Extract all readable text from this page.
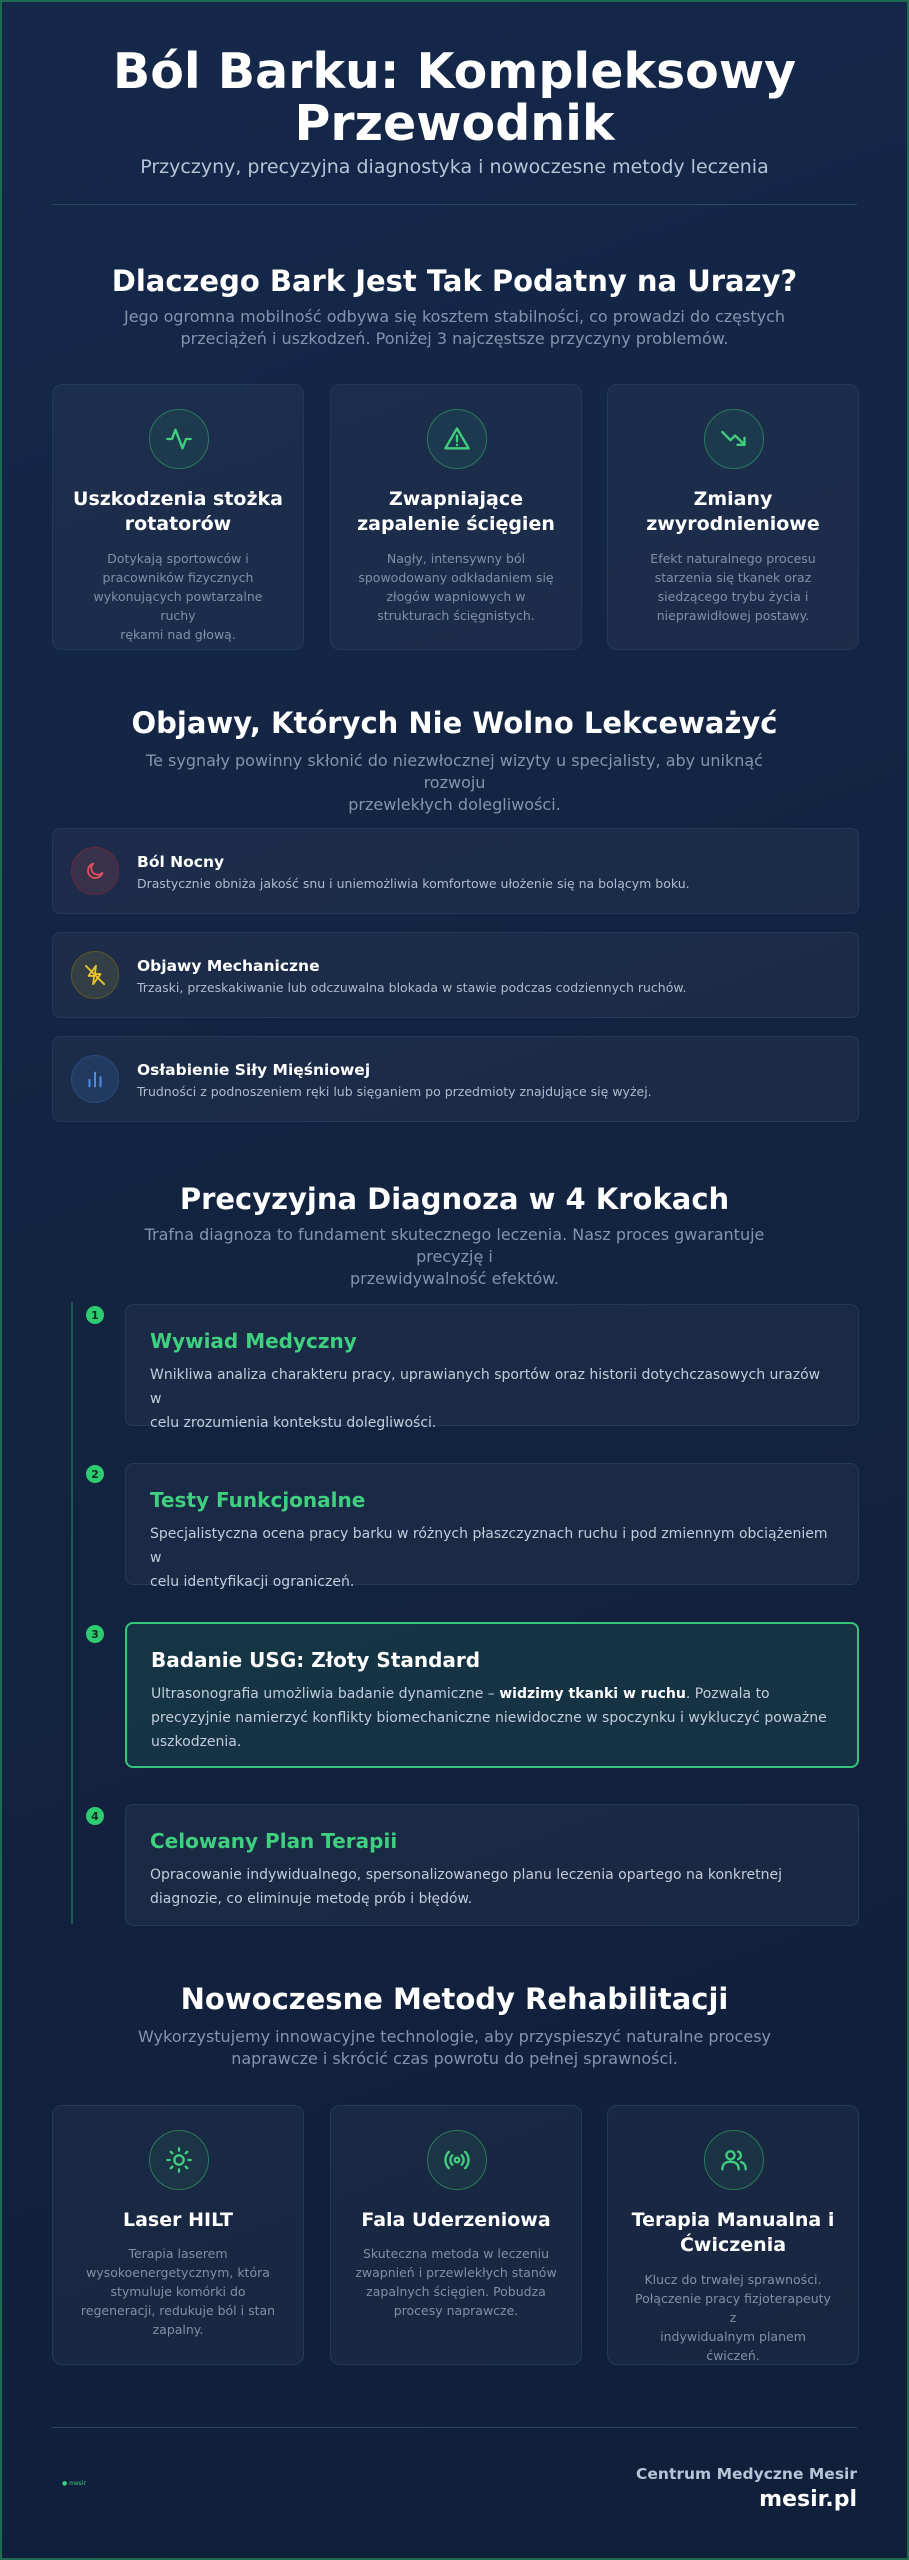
Ból Barku: Kompleksowy
Przewodnik
Przyczyny, precyzyjna diagnostyka i nowoczesne metody leczenia
Dlaczego Bark Jest Tak Podatny na Urazy?
Jego ogromna mobilność odbywa się kosztem stabilności, co prowadzi do częstych
przeciążeń i uszkodzeń. Poniżej 3 najczęstsze przyczyny problemów.
Uszkodzenia stożka
rotatorów
Dotykają sportowców i
pracowników fizycznych
wykonujących powtarzalne ruchy
rękami nad głową.
Zwapniające
zapalenie ścięgien
Nagły, intensywny ból
spowodowany odkładaniem się
złogów wapniowych w
strukturach ścięgnistych.
Zmiany
zwyrodnieniowe
Efekt naturalnego procesu
starzenia się tkanek oraz
siedzącego trybu życia i
nieprawidłowej postawy.
Objawy, Których Nie Wolno Lekceważyć
Te sygnały powinny skłonić do niezwłocznej wizyty u specjalisty, aby uniknąć rozwoju
przewlekłych dolegliwości.
Ból Nocny
Drastycznie obniża jakość snu i uniemożliwia komfortowe ułożenie się na bolącym boku.
Objawy Mechaniczne
Trzaski, przeskakiwanie lub odczuwalna blokada w stawie podczas codziennych ruchów.
Osłabienie Siły Mięśniowej
Trudności z podnoszeniem ręki lub sięganiem po przedmioty znajdujące się wyżej.
Precyzyjna Diagnoza w 4 Krokach
Trafna diagnoza to fundament skutecznego leczenia. Nasz proces gwarantuje precyzję i
przewidywalność efektów.
1
Wywiad Medyczny
Wnikliwa analiza charakteru pracy, uprawianych sportów oraz historii dotychczasowych urazów w
celu zrozumienia kontekstu dolegliwości.
2
Testy Funkcjonalne
Specjalistyczna ocena pracy barku w różnych płaszczyznach ruchu i pod zmiennym obciążeniem w
celu identyfikacji ograniczeń.
3
Badanie USG: Złoty Standard
Ultrasonografia umożliwia badanie dynamiczne – widzimy tkanki w ruchu. Pozwala to
precyzyjnie namierzyć konflikty biomechaniczne niewidoczne w spoczynku i wykluczyć poważne
uszkodzenia.
4
Celowany Plan Terapii
Opracowanie indywidualnego, spersonalizowanego planu leczenia opartego na konkretnej
diagnozie, co eliminuje metodę prób i błędów.
Nowoczesne Metody Rehabilitacji
Wykorzystujemy innowacyjne technologie, aby przyspieszyć naturalne procesy
naprawcze i skrócić czas powrotu do pełnej sprawności.
Laser HILT
Terapia laserem
wysokoenergetycznym, która
stymuluje komórki do
regeneracji, redukuje ból i stan
zapalny.
Fala Uderzeniowa
Skuteczna metoda w leczeniu
zwapnień i przewlekłych stanów
zapalnych ścięgien. Pobudza
procesy naprawcze.
Terapia Manualna i
Ćwiczenia
Klucz do trwałej sprawności.
Połączenie pracy fizjoterapeuty z
indywidualnym planem ćwiczeń.
● mesir
Centrum Medyczne Mesir
mesir.pl
